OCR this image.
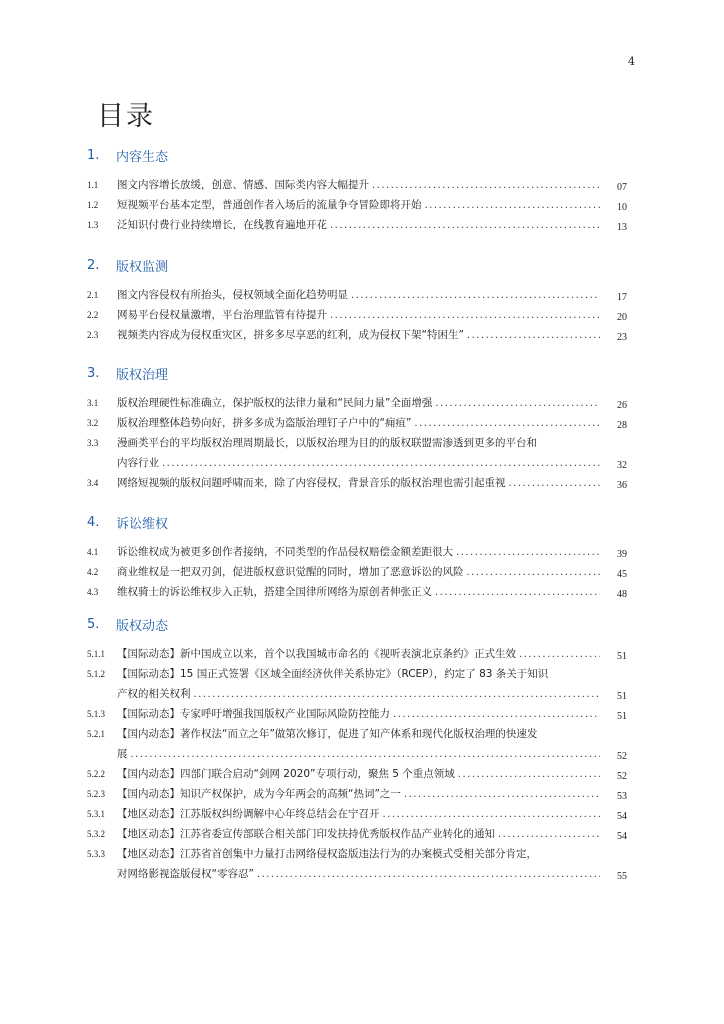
4
目录
1.	内容生态
1.1 图文内容增长放缓，创意、情感、国际类内容大幅提升 .....	07
1.2 短视频平台基本定型，普通创作者入场后的流量争夺冒险即将开始 .....	10
1.3 泛知识付费行业持续增长，在线教育遍地开花 .....	13
2.	版权监测
2.1 图文内容侵权有所抬头，侵权领域全面化趋势明显 .....	17
2.2 网易平台侵权量激增，平台治理监管有待提升 .....	20
2.3 视频类内容成为侵权重灾区，拼多多尽享恶的红利，成为侵权下架“特困生” .....	23
3.	版权治理
3.1 版权治理硬性标准确立，保护版权的法律力量和“民间力量”全面增强 .....	26
3.2 版权治理整体趋势向好，拼多多成为盗版治理钉子户中的“痈疽” .....	28
3.3 漫画类平台的平均版权治理周期最长，以版权治理为目的的版权联盟需渗透到更多的平台和
内容行业 .....	32
3.4 网络短视频的版权问题呼啸而来，除了内容侵权，背景音乐的版权治理也需引起重视 .....	36
4.	诉讼维权
4.1 诉讼维权成为被更多创作者接纳，不同类型的作品侵权赔偿金额差距很大 .....	39
4.2 商业维权是一把双刃剑，促进版权意识觉醒的同时，增加了恶意诉讼的风险 .....	45
4.3 维权骑士的诉讼维权步入正轨，搭建全国律所网络为原创者伸张正义 .....	48
5.	版权动态
5.1.1 【国际动态】新中国成立以来，首个以我国城市命名的《视听表演北京条约》正式生效 .....	51
5.1.2 【国际动态】15 国正式签署《区域全面经济伙伴关系协定》（RCEP），约定了 83 条关于知识
产权的相关权利 .....	51
5.1.3 【国际动态】专家呼吁增强我国版权产业国际风险防控能力 .....	51
5.2.1 【国内动态】著作权法“而立之年”做第次修订，促进了知产体系和现代化版权治理的快速发
展 .....	52
5.2.2 【国内动态】四部门联合启动“剑网 2020”专项行动，聚焦 5 个重点领域 .....	52
5.2.3 【国内动态】知识产权保护，成为今年两会的高频“热词”之一 .....	53
5.3.1 【地区动态】江苏版权纠纷调解中心年终总结会在宁召开 .....	54
5.3.2 【地区动态】江苏省委宣传部联合相关部门印发扶持优秀版权作品产业转化的通知 .....	54
5.3.3 【地区动态】江苏省首创集中力量打击网络侵权盗版违法行为的办案模式受相关部分肯定，
对网络影视盗版侵权“零容忍” .....	55
